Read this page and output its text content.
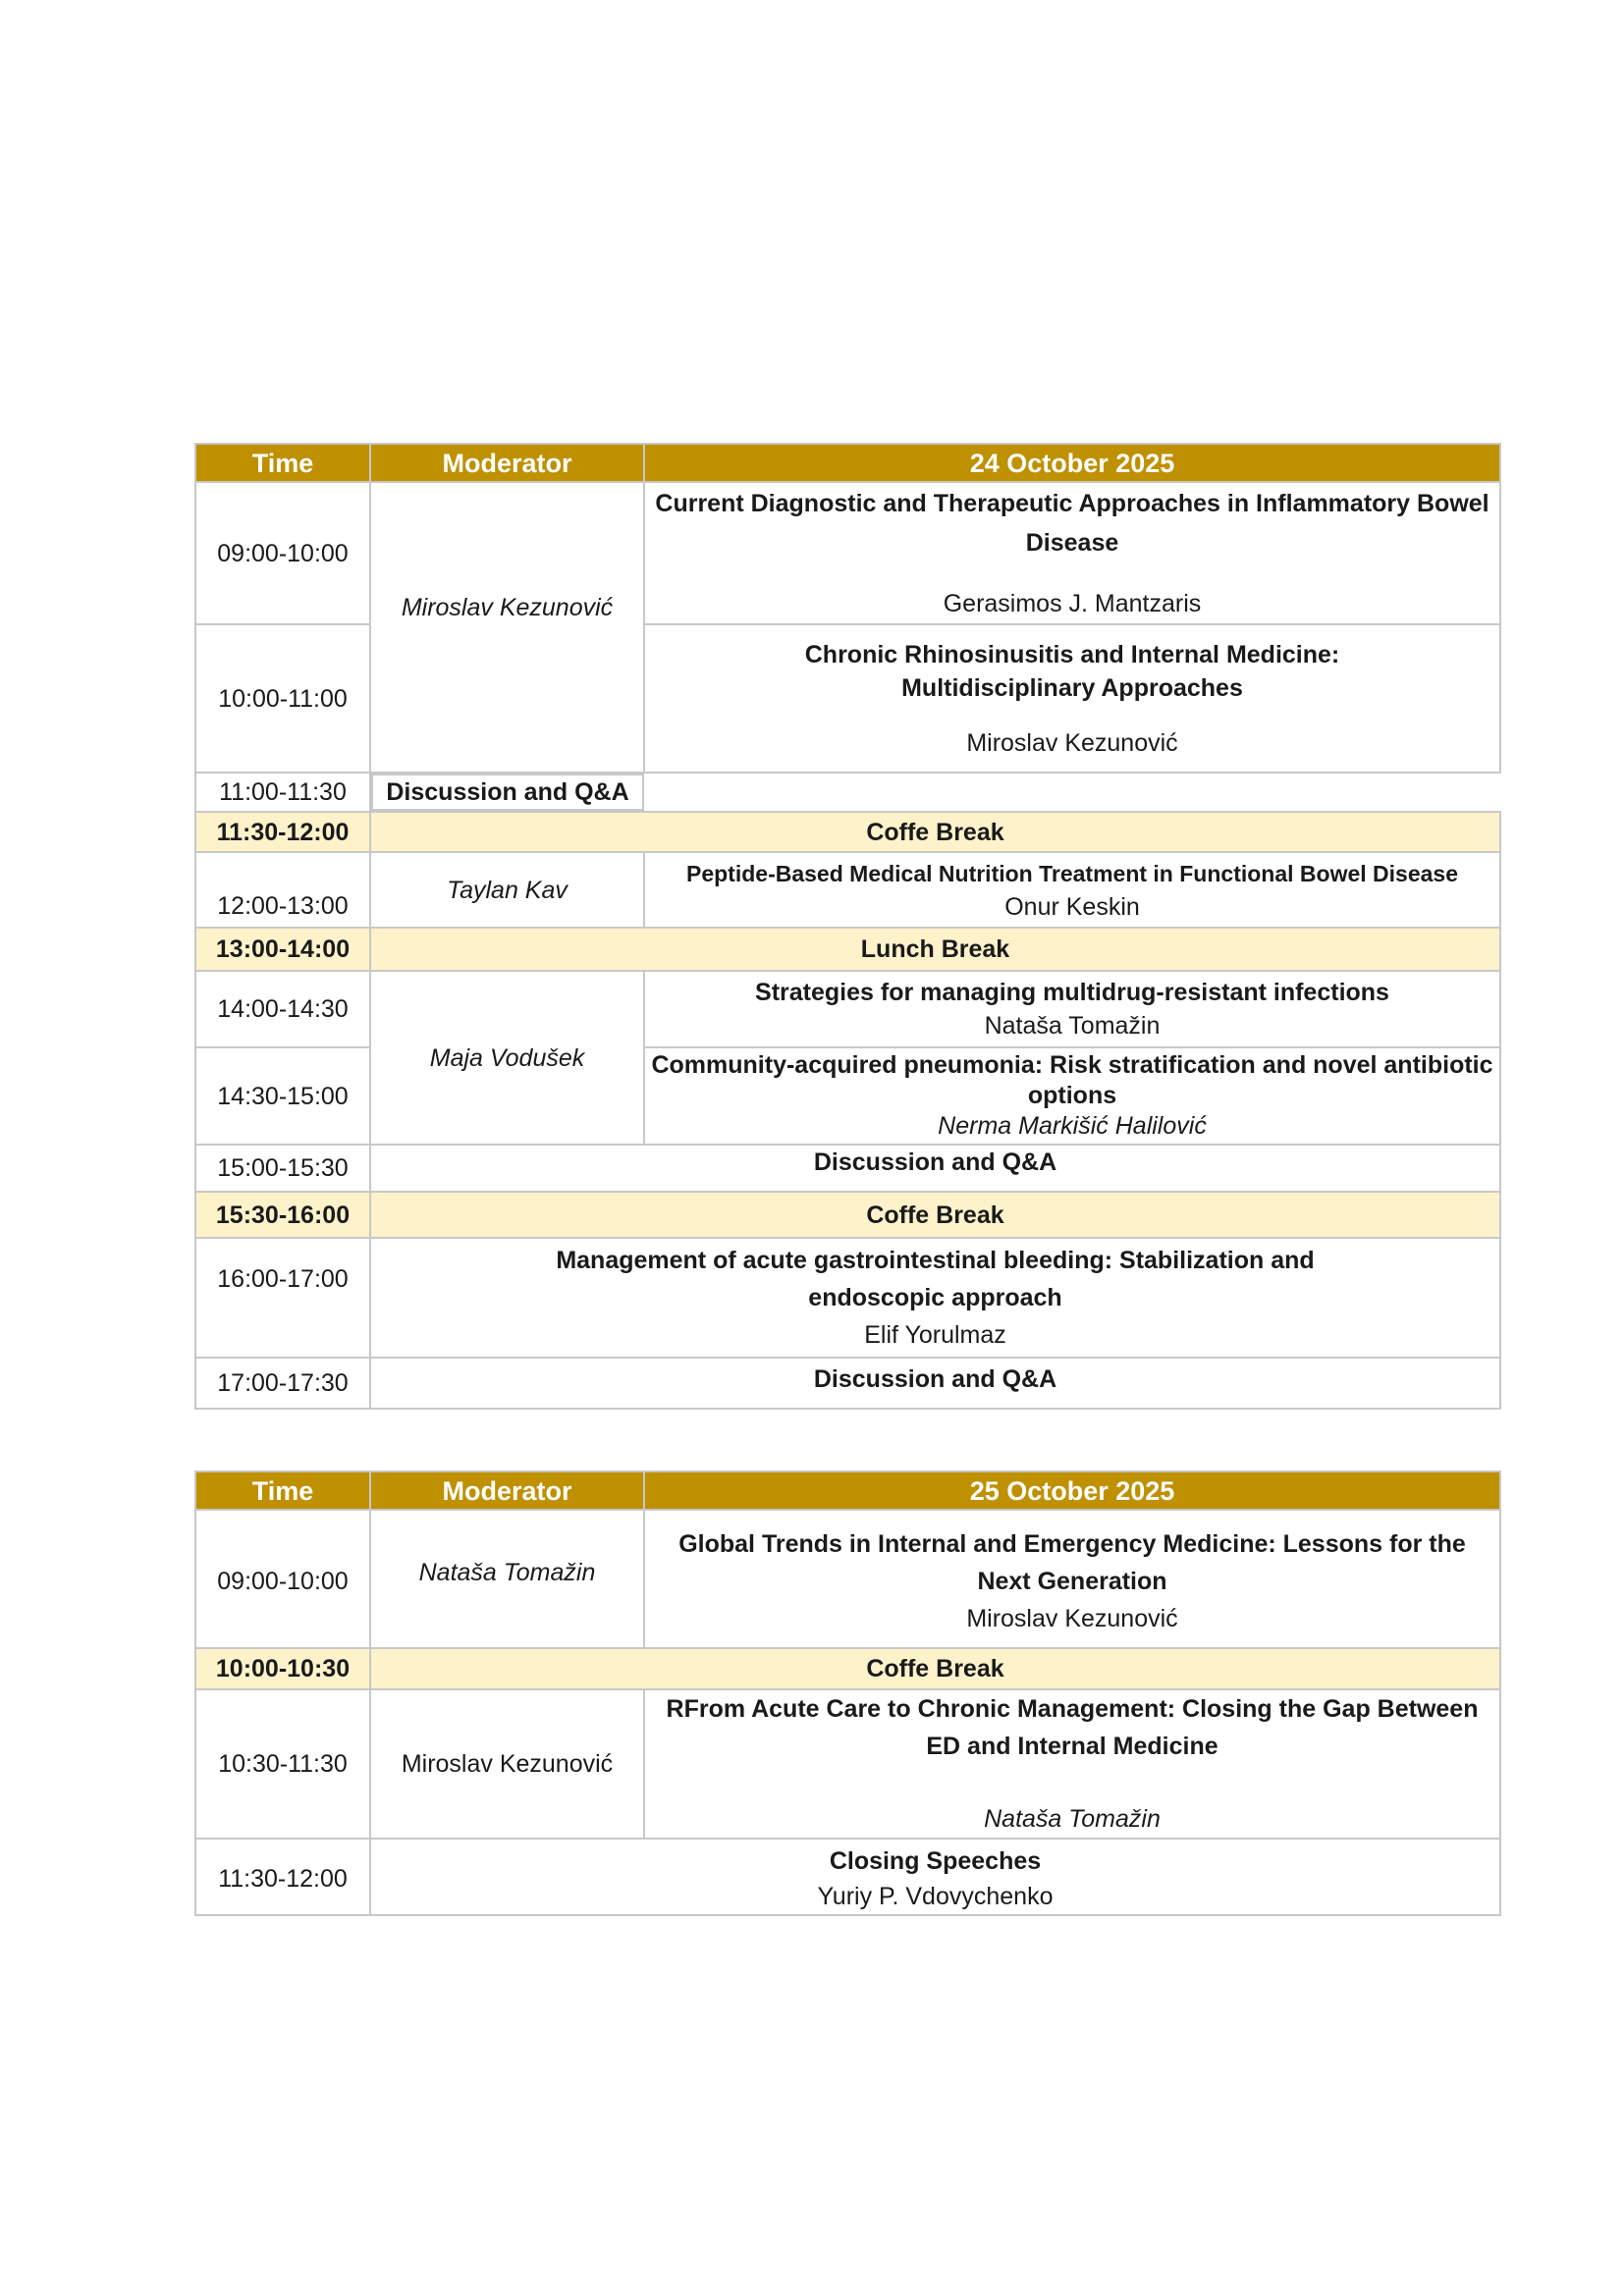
Time	Moderator	24 October 2025
09:00-10:00	Miroslav Kezunović	Current Diagnostic and Therapeutic Approaches in Inflammatory Bowel Disease
Gerasimos J. Mantzaris

10:00-11:00		Chronic Rhinosinusitis and Internal Medicine: Multidisciplinary Approaches
Miroslav Kezunović

11:00-11:30		Discussion and Q&A

11:30-12:00	Coffe Break	
12:00-13:00	Taylan Kav	Peptide-Based Medical Nutrition Treatment in Functional Bowel Disease
Onur Keskin

13:00-14:00	Lunch Break	
14:00-14:30	Maja Vodušek	Strategies for managing multidrug-resistant infections
Nataša Tomažin

14:30-15:00		Community-acquired pneumonia: Risk stratification and novel antibiotic options
Nerma Markišić Halilović

15:00-15:30	Discussion and Q&A	
15:30-16:00	Coffe Break	
16:00-17:00	Management of acute gastrointestinal bleeding: Stabilization and endoscopic approach
Elif Yorulmaz	

17:00-17:30	Discussion and Q&A	
Time	Moderator	25 October 2025
09:00-10:00	Nataša Tomažin	Global Trends in Internal and Emergency Medicine: Lessons for the Next Generation
Miroslav Kezunović

10:00-10:30	Coffe Break	
10:30-11:30	Miroslav Kezunović	RFrom Acute Care to Chronic Management: Closing the Gap Between ED and Internal Medicine
Nataša Tomažin

11:30-12:00	Closing Speeches
Yuriy P. Vdovychenko	
